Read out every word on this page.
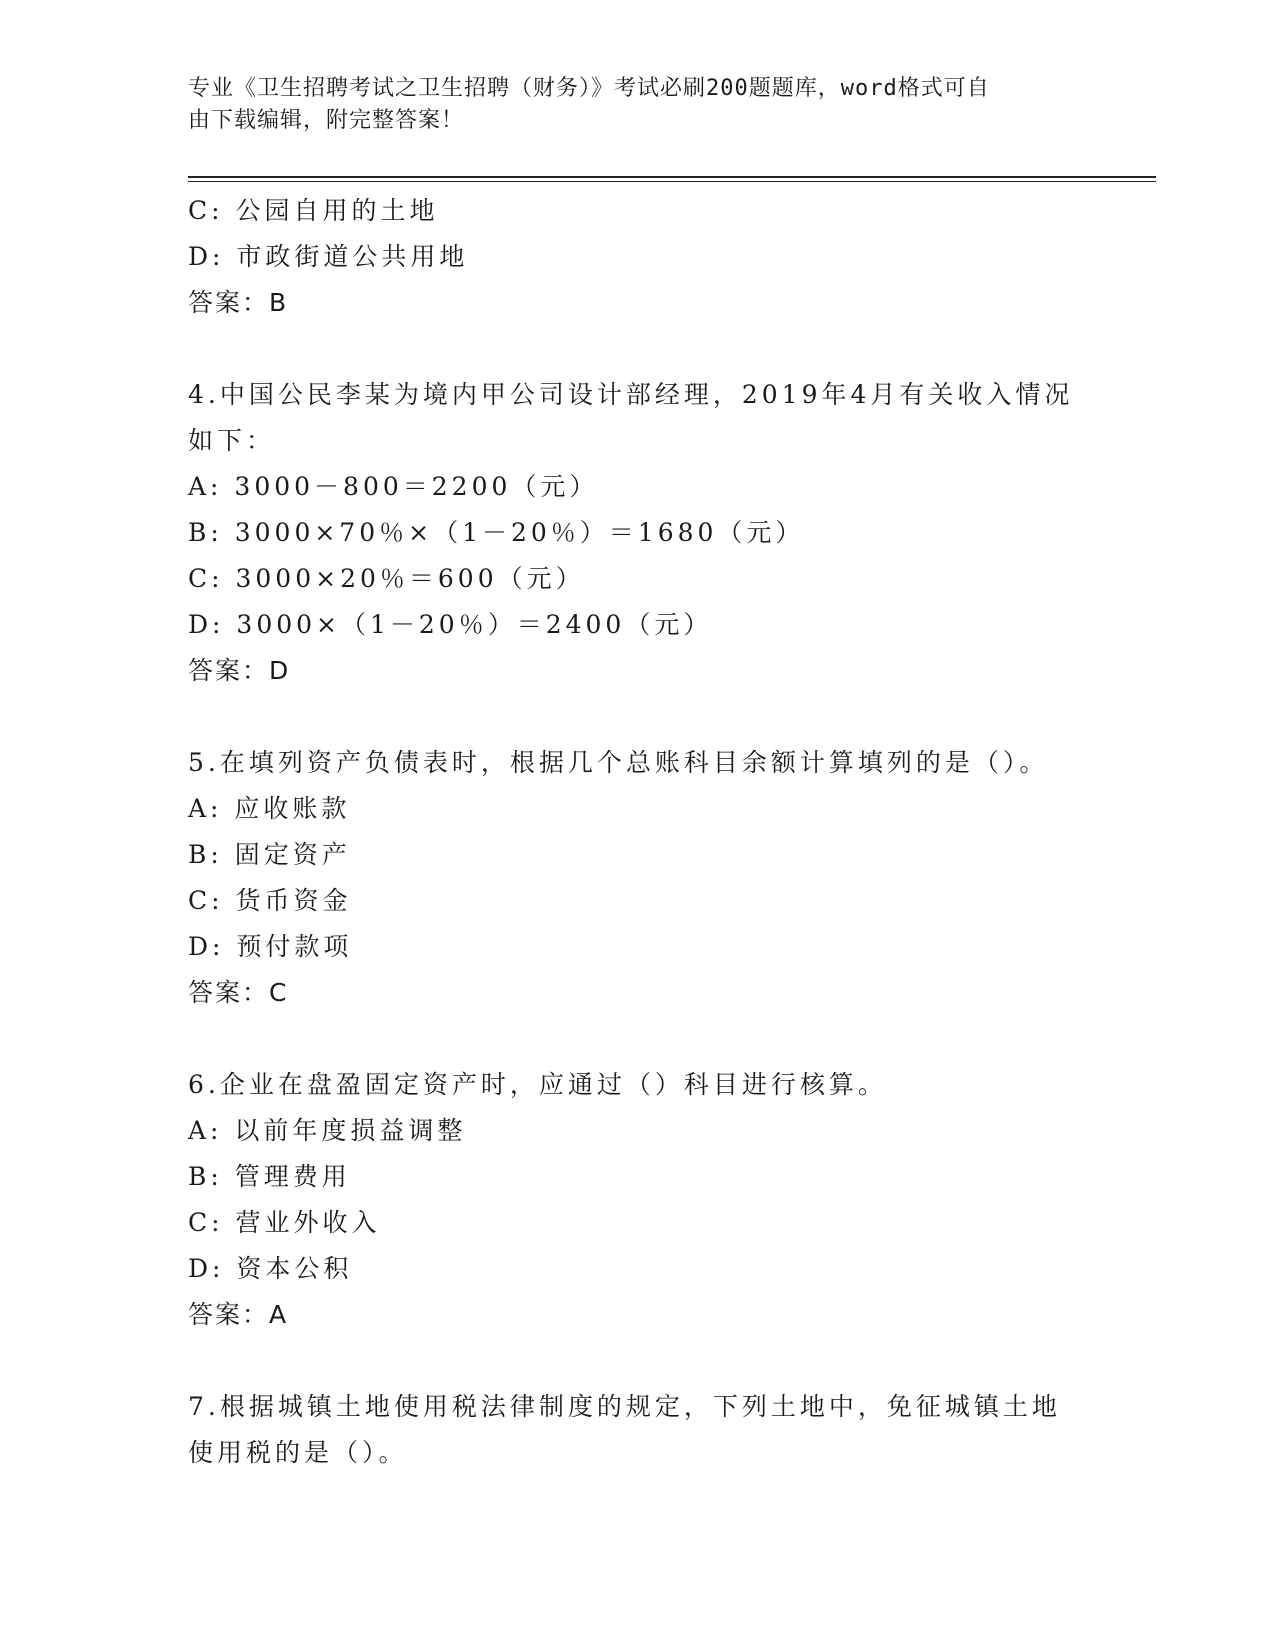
专业《卫生招聘考试之卫生招聘（财务）》考试必刷200题题库，word格式可自
由下载编辑，附完整答案！
C: 公园自用的土地
D: 市政街道公共用地
答案：B
4.中国公民李某为境内甲公司设计部经理，2019年4月有关收入情况
如下：
A: 3000－800＝2200（元）
B: 3000×70％×（1－20％）＝1680（元）
C: 3000×20％＝600（元）
D: 3000×（1－20％）＝2400（元）
答案：D
5.在填列资产负债表时，根据几个总账科目余额计算填列的是（）。
A: 应收账款
B: 固定资产
C: 货币资金
D: 预付款项
答案：C
6.企业在盘盈固定资产时，应通过（）科目进行核算。
A: 以前年度损益调整
B: 管理费用
C: 营业外收入
D: 资本公积
答案：A
7.根据城镇土地使用税法律制度的规定，下列土地中，免征城镇土地
使用税的是（）。
